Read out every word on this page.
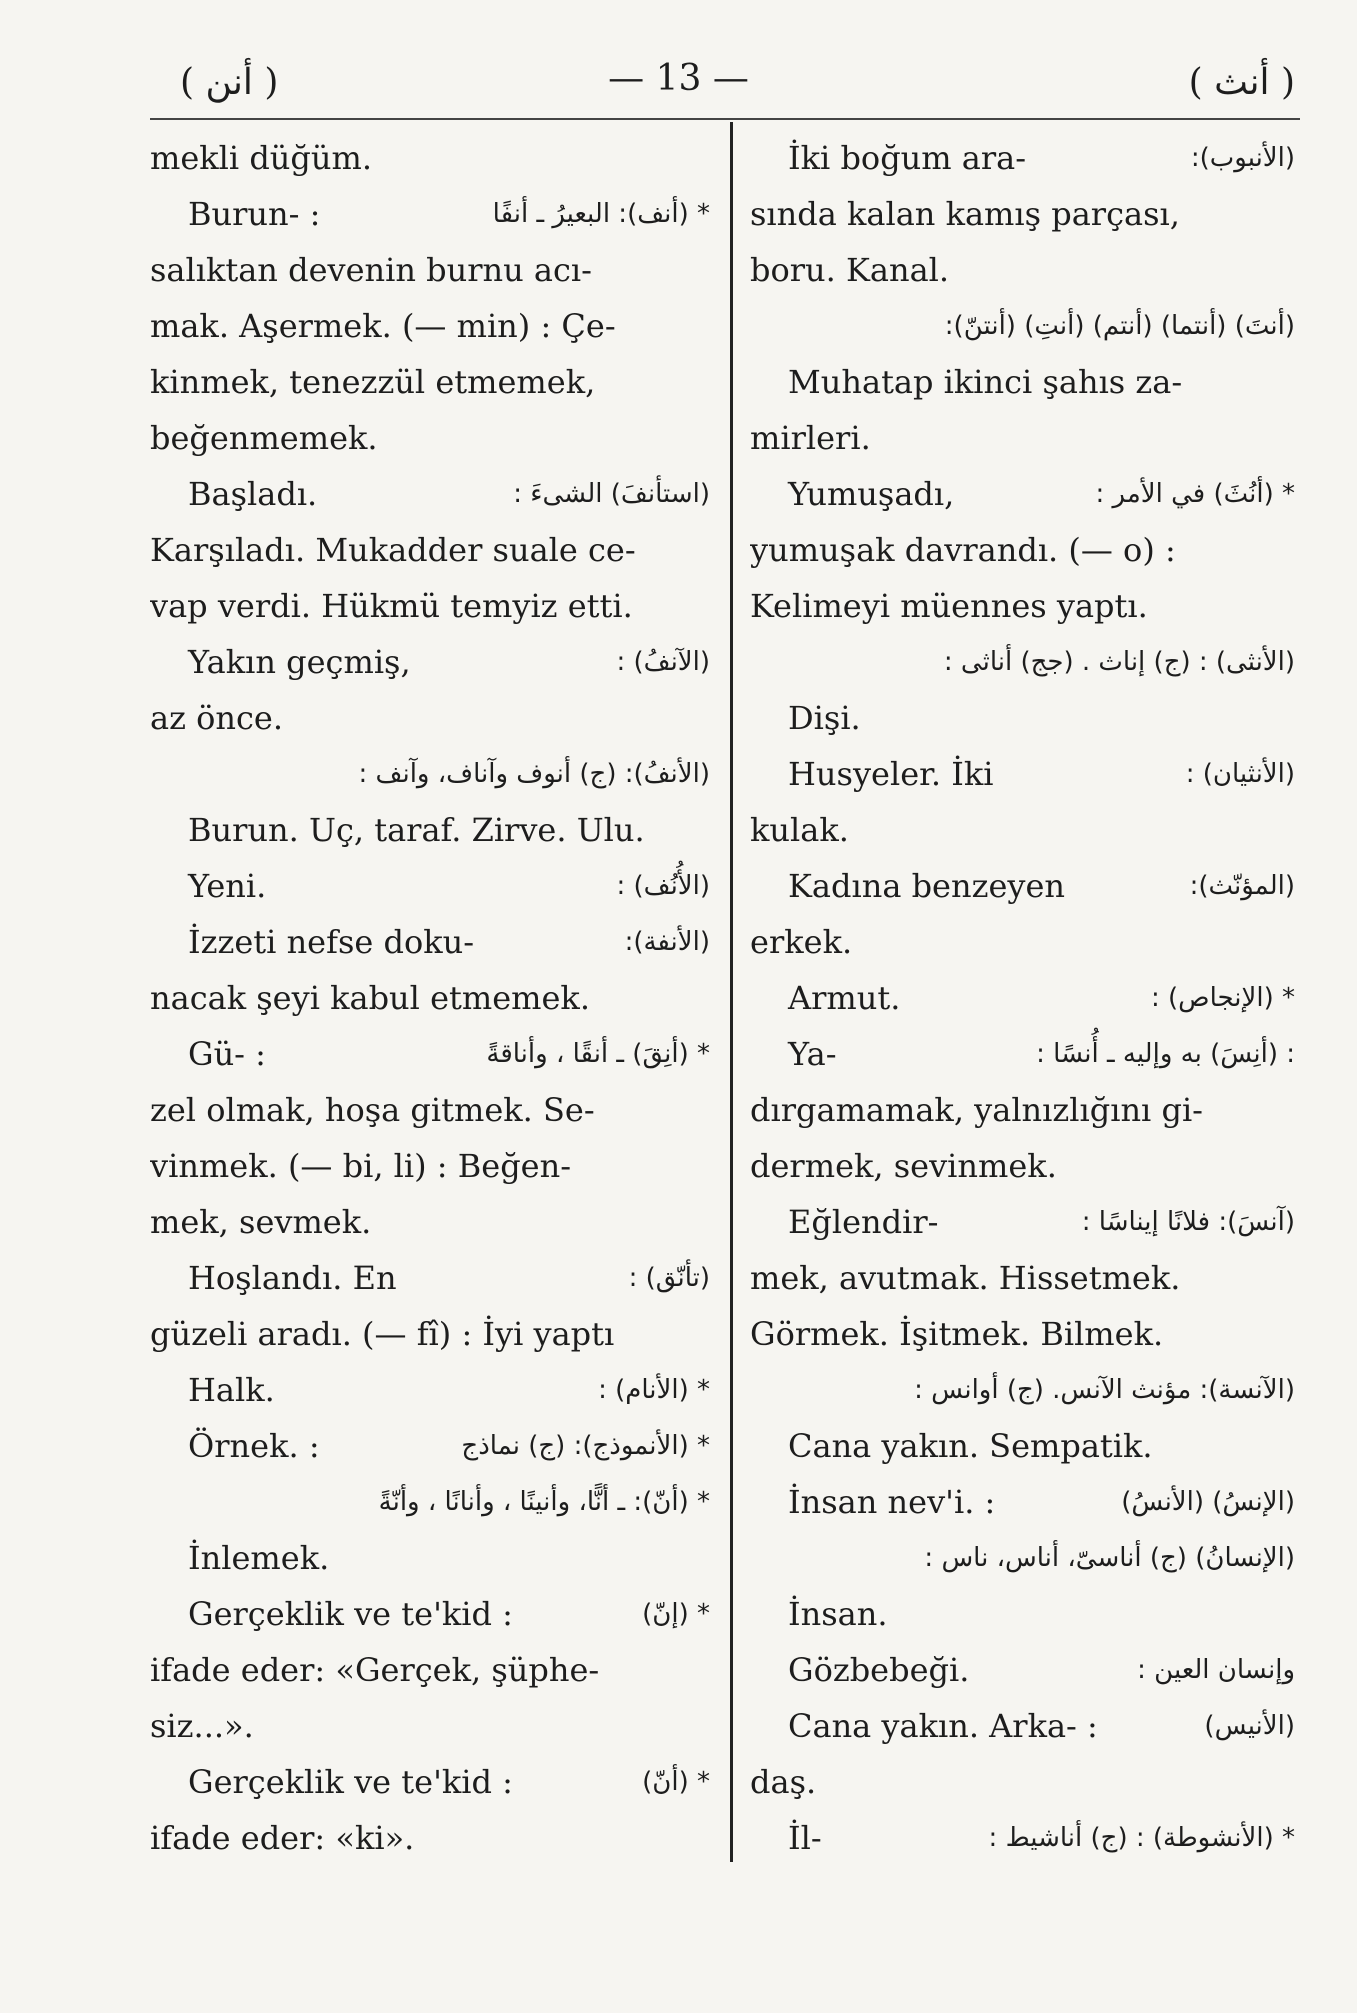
( أنن )	— 13 —	( أنث )
mekli düğüm.
Burun- :	* (أنف): البعيرُ ـ أنفًا
salıktan devenin burnu acı-
mak. Aşermek. (— min) : Çe-
kinmek, tenezzül etmemek,
beğenmemek.
Başladı.	(استأنفَ) الشىءَ :
Karşıladı. Mukadder suale ce-
vap verdi. Hükmü temyiz etti.
Yakın geçmiş,	(الآنفُ) :
az önce.
(الأنفُ): (ج) أنوف وآناف، وآنف :
Burun. Uç, taraf. Zirve. Ulu.
Yeni.	(الأُنُف) :
İzzeti nefse doku-	(الأنفة):
nacak şeyi kabul etmemek.
Gü- :	* (أنِقَ) ـ أنقًا ، وأناقةً
zel olmak, hoşa gitmek. Se-
vinmek. (— bi, li) : Beğen-
mek, sevmek.
Hoşlandı. En	(تأنّق) :
güzeli aradı. (— fî) : İyi yaptı
Halk.	* (الأنام) :
Örnek. :	* (الأنموذج): (ج) نماذج
* (أنّ): ـ أنًّا، وأنينًا ، وأنانًا ، وأنّةً
İnlemek.
Gerçeklik ve te'kid :	* (إنّ)
ifade eder: «Gerçek, şüphe-
siz...».
Gerçeklik ve te'kid :	* (أنّ)
ifade eder: «ki».
İki boğum ara-	(الأنبوب):
sında kalan kamış parçası,
boru. Kanal.
(أنتَ) (أنتما) (أنتم) (أنتِ) (أنتنّ):
Muhatap ikinci şahıs za-
mirleri.
Yumuşadı,	* (أنُثَ) في الأمر :
yumuşak davrandı. (— o) :
Kelimeyi müennes yaptı.
(الأنثى) : (ج) إناث . (جج) أناثى :
Dişi.
Husyeler. İki	(الأنثيان) :
kulak.
Kadına benzeyen	(المؤنّث):
erkek.
Armut.	* (الإنجاص) :
Ya-	: (أنِسَ) به وإليه ـ أُنسًا :
dırgamamak, yalnızlığını gi-
dermek, sevinmek.
Eğlendir-	(آنسَ): فلانًا إيناسًا :
mek, avutmak. Hissetmek.
Görmek. İşitmek. Bilmek.
(الآنسة): مؤنث الآنس. (ج) أوانس :
Cana yakın. Sempatik.
İnsan nev'i. :	(الإنسُ) (الأنسُ)
(الإنسانُ) (ج) أناسىّ، أناس، ناس :
İnsan.
Gözbebeği.	وإنسان العين :
Cana yakın. Arka- :	(الأنيس)
daş.
İl-	* (الأنشوطة) : (ج) أناشيط :
